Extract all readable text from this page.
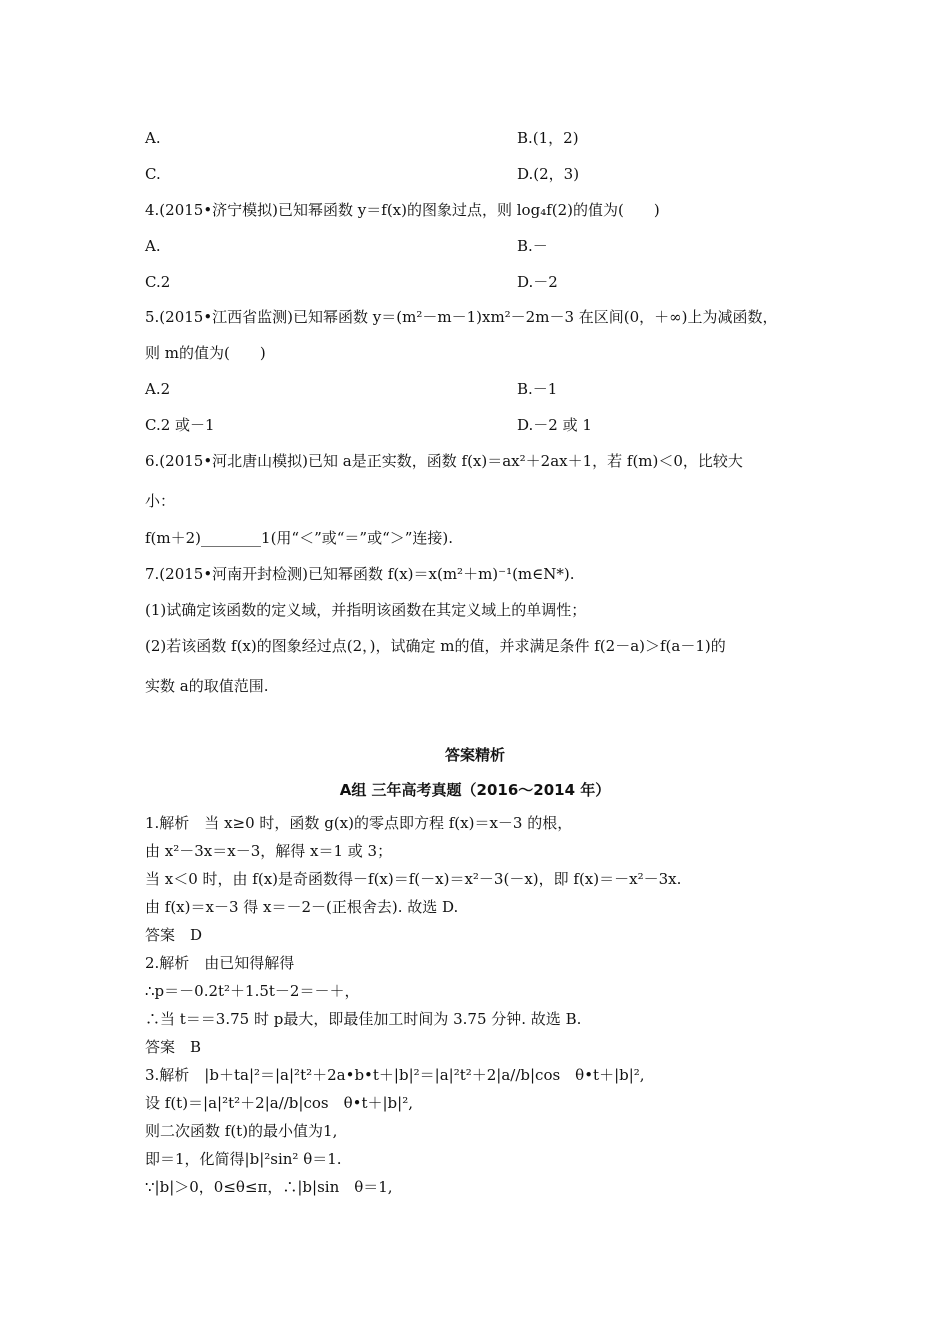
A.	B.(1，2)
C.	D.(2，3)
4.(2015•济宁模拟)已知幂函数 y＝f(x)的图象过点，则 log₄f(2)的值为(　　)
A.	B.－
C.2	D.－2
5.(2015•江西省监测)已知幂函数 y＝(m²－m－1)xm²－2m－3 在区间(0，＋∞)上为减函数，
则 m的值为(　　)
A.2	B.－1
C.2 或－1	D.－2 或 1
6.(2015•河北唐山模拟)已知 a是正实数，函数 f(x)＝ax²＋2ax＋1，若 f(m)＜0，比较大
小：
f(m＋2)________1(用“＜”或“＝”或“＞”连接).
7.(2015•河南开封检测)已知幂函数 f(x)＝x(m²＋m)⁻¹(m∈N*).
(1)试确定该函数的定义域，并指明该函数在其定义域上的单调性；
(2)若该函数 f(x)的图象经过点(2，)，试确定 m的值，并求满足条件 f(2－a)＞f(a－1)的
实数 a的取值范围.
答案精析
A组 三年高考真题（2016～2014 年）
1.解析　当 x≥0 时，函数 g(x)的零点即方程 f(x)＝x－3 的根，
由 x²－3x＝x－3，解得 x＝1 或 3；
当 x＜0 时，由 f(x)是奇函数得－f(x)＝f(－x)＝x²－3(－x)，即 f(x)＝－x²－3x.
由 f(x)＝x－3 得 x＝－2－(正根舍去). 故选 D.
答案　D
2.解析　由已知得解得
∴p＝－0.2t²＋1.5t－2＝－＋，
∴当 t＝＝3.75 时 p最大，即最佳加工时间为 3.75 分钟. 故选 B.
答案　B
3.解析　|b＋ta|²＝|a|²t²＋2a•b•t＋|b|²＝|a|²t²＋2|a//b|cos　θ•t＋|b|²,
设 f(t)＝|a|²t²＋2|a//b|cos　θ•t＋|b|²,
则二次函数 f(t)的最小值为1,
即＝1，化简得|b|²sin² θ＝1.
∵|b|＞0，0≤θ≤π，∴|b|sin　θ＝1,
